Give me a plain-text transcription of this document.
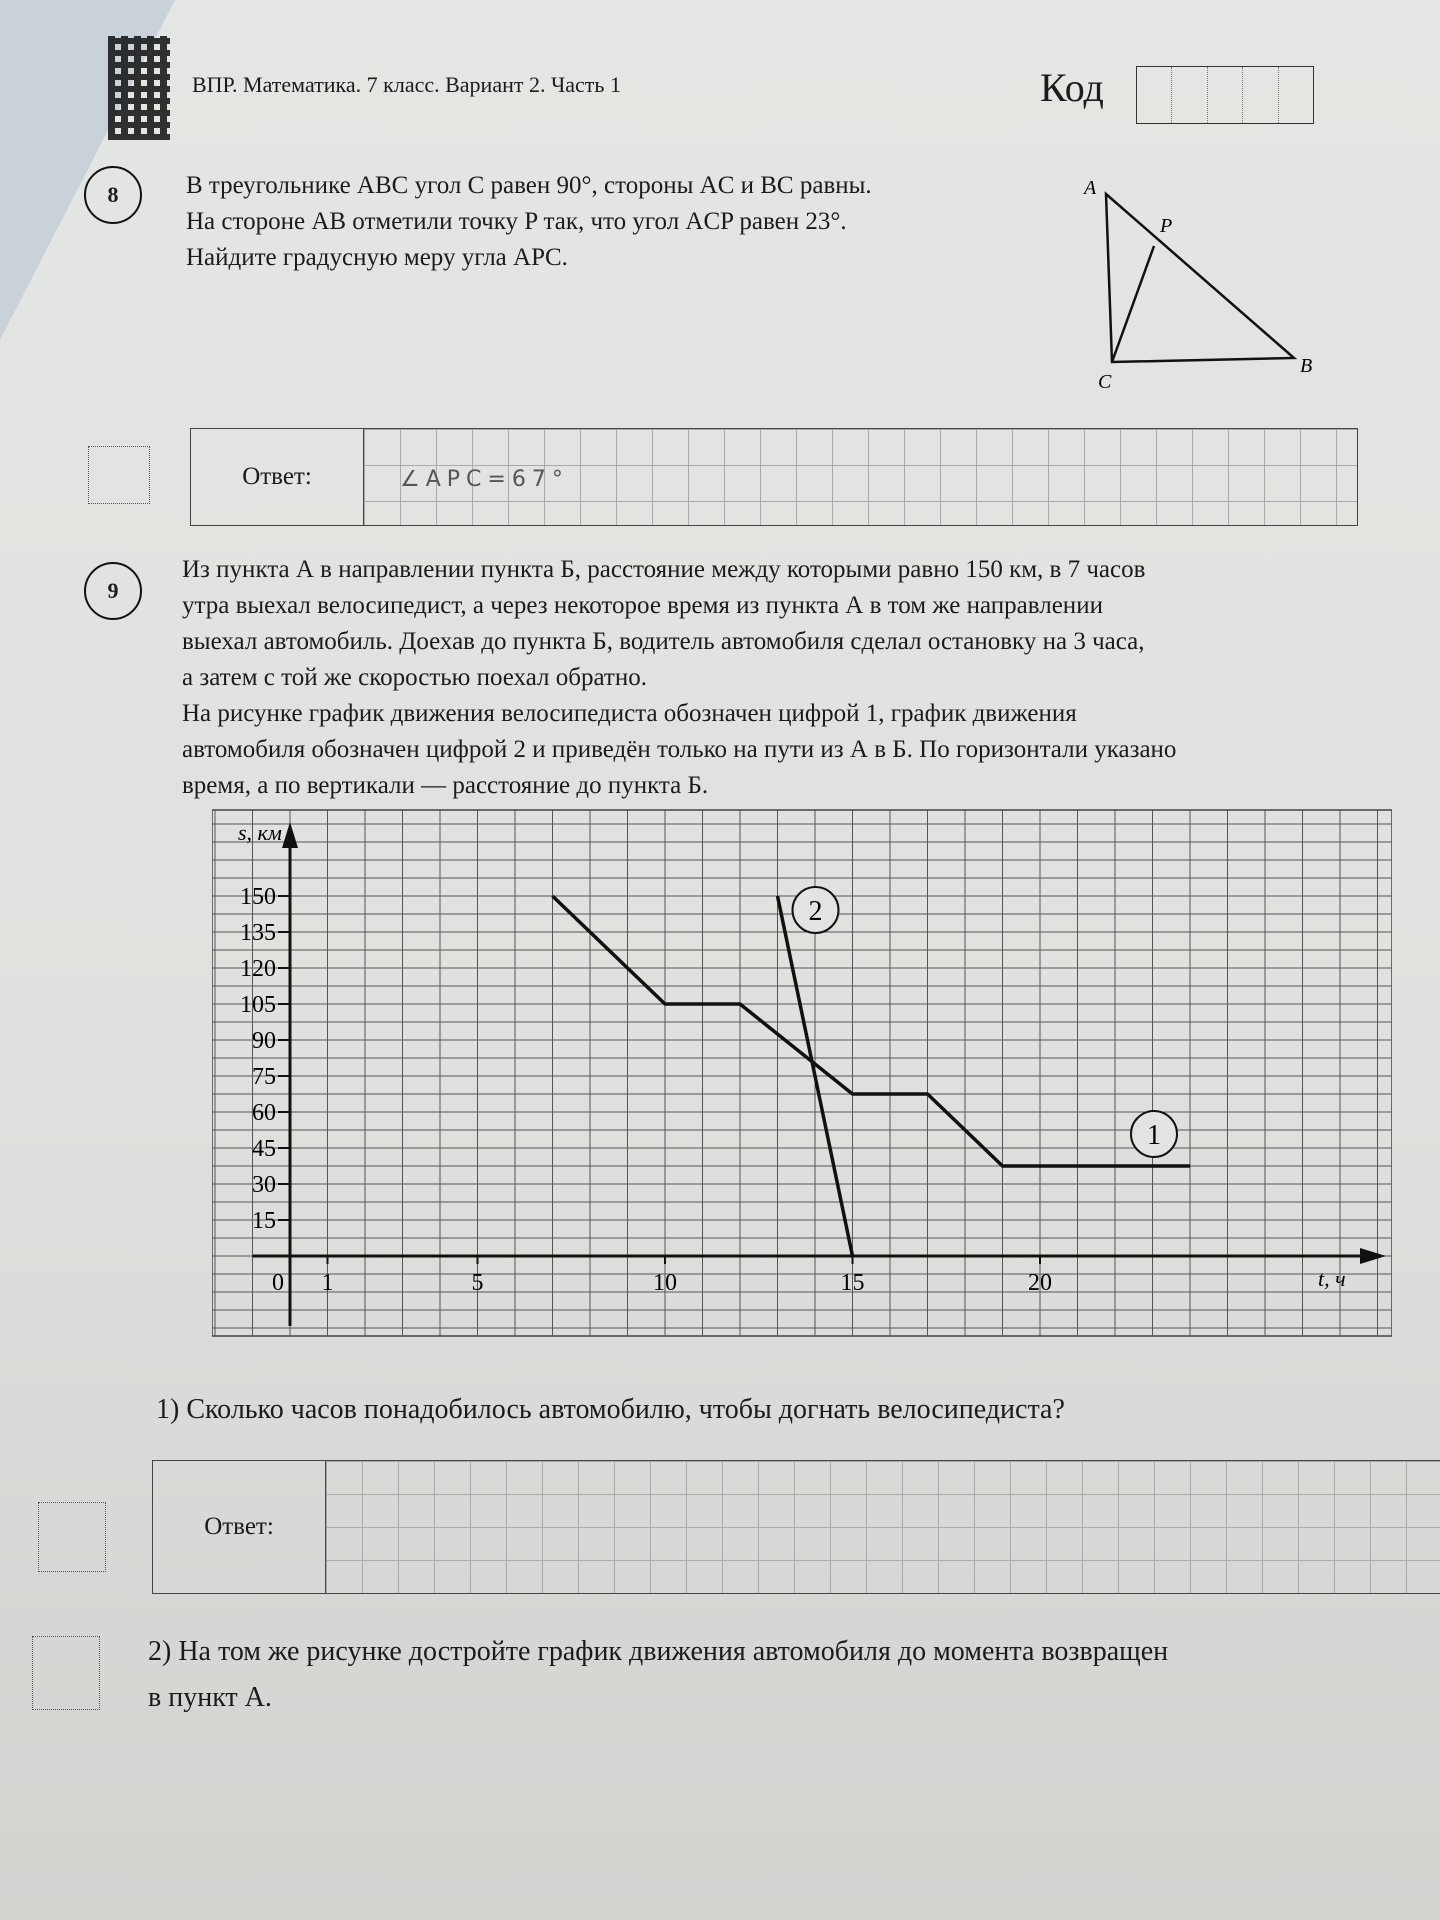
ВПР. Математика. 7 класс. Вариант 2. Часть 1	Код
8	В треугольнике ABC угол C равен 90°, стороны AC и BC равны.

На стороне AB отметили точку P так, что угол ACP равен 23°.

Найдите градусную меру угла APC.

A
B
C
P
Ответ:	∠APC=67°
9

Из пункта А в направлении пункта Б, расстояние между которыми равно 150 км, в 7 часов

утра выехал велосипедист, а через некоторое время из пункта А в том же направлении

выехал автомобиль. Доехав до пункта Б, водитель автомобиля сделал остановку на 3 часа,

а затем с той же скоростью поехал обратно.

На рисунке график движения велосипедиста обозначен цифрой 1, график движения

автомобиля обозначен цифрой 2 и приведён только на пути из А в Б. По горизонтали указано

время, а по вертикали — расстояние до пункта Б.

15
30
45
60
75
90
105
120
135
150
0 1	5	10	15	20
1
2
s, км
t, ч
1) Сколько часов понадобилось автомобилю, чтобы догнать велосипедиста?
Ответ:
2) На том же рисунке достройте график движения автомобиля до момента возвращен
в пункт А.
